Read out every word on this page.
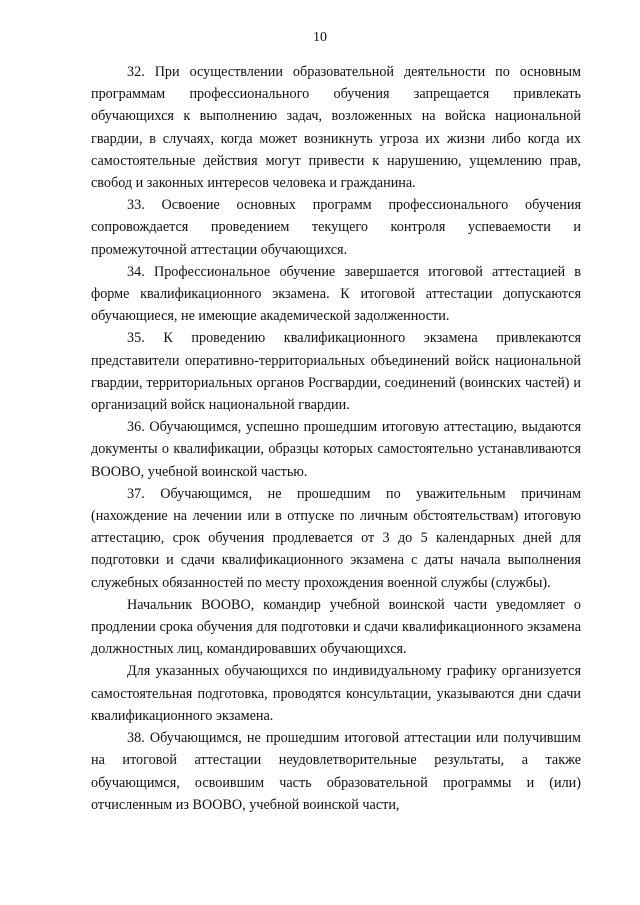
10

32. При осуществлении образовательной деятельности по основным программам профессионального обучения запрещается привлекать обучающихся к выполнению задач, возложенных на войска национальной гвардии, в случаях, когда может возникнуть угроза их жизни либо когда их самостоятельные действия могут привести к нарушению, ущемлению прав, свобод и законных интересов человека и гражданина.

33. Освоение основных программ профессионального обучения сопровождается проведением текущего контроля успеваемости и промежуточной аттестации обучающихся.

34. Профессиональное обучение завершается итоговой аттестацией в форме квалификационного экзамена. К итоговой аттестации допускаются обучающиеся, не имеющие академической задолженности.

35. К проведению квалификационного экзамена привлекаются представители оперативно-территориальных объединений войск национальной гвардии, территориальных органов Росгвардии, соединений (воинских частей) и организаций войск национальной гвардии.

36. Обучающимся, успешно прошедшим итоговую аттестацию, выдаются документы о квалификации, образцы которых самостоятельно устанавливаются ВООВО, учебной воинской частью.

37. Обучающимся, не прошедшим по уважительным причинам (нахождение на лечении или в отпуске по личным обстоятельствам) итоговую аттестацию, срок обучения продлевается от 3 до 5 календарных дней для подготовки и сдачи квалификационного экзамена с даты начала выполнения служебных обязанностей по месту прохождения военной службы (службы).

Начальник ВООВО, командир учебной воинской части уведомляет о продлении срока обучения для подготовки и сдачи квалификационного экзамена должностных лиц, командировавших обучающихся.

Для указанных обучающихся по индивидуальному графику организуется самостоятельная подготовка, проводятся консультации, указываются дни сдачи квалификационного экзамена.

38. Обучающимся, не прошедшим итоговой аттестации или получившим на итоговой аттестации неудовлетворительные результаты, а также обучающимся, освоившим часть образовательной программы и (или) отчисленным из ВООВО, учебной воинской части,
